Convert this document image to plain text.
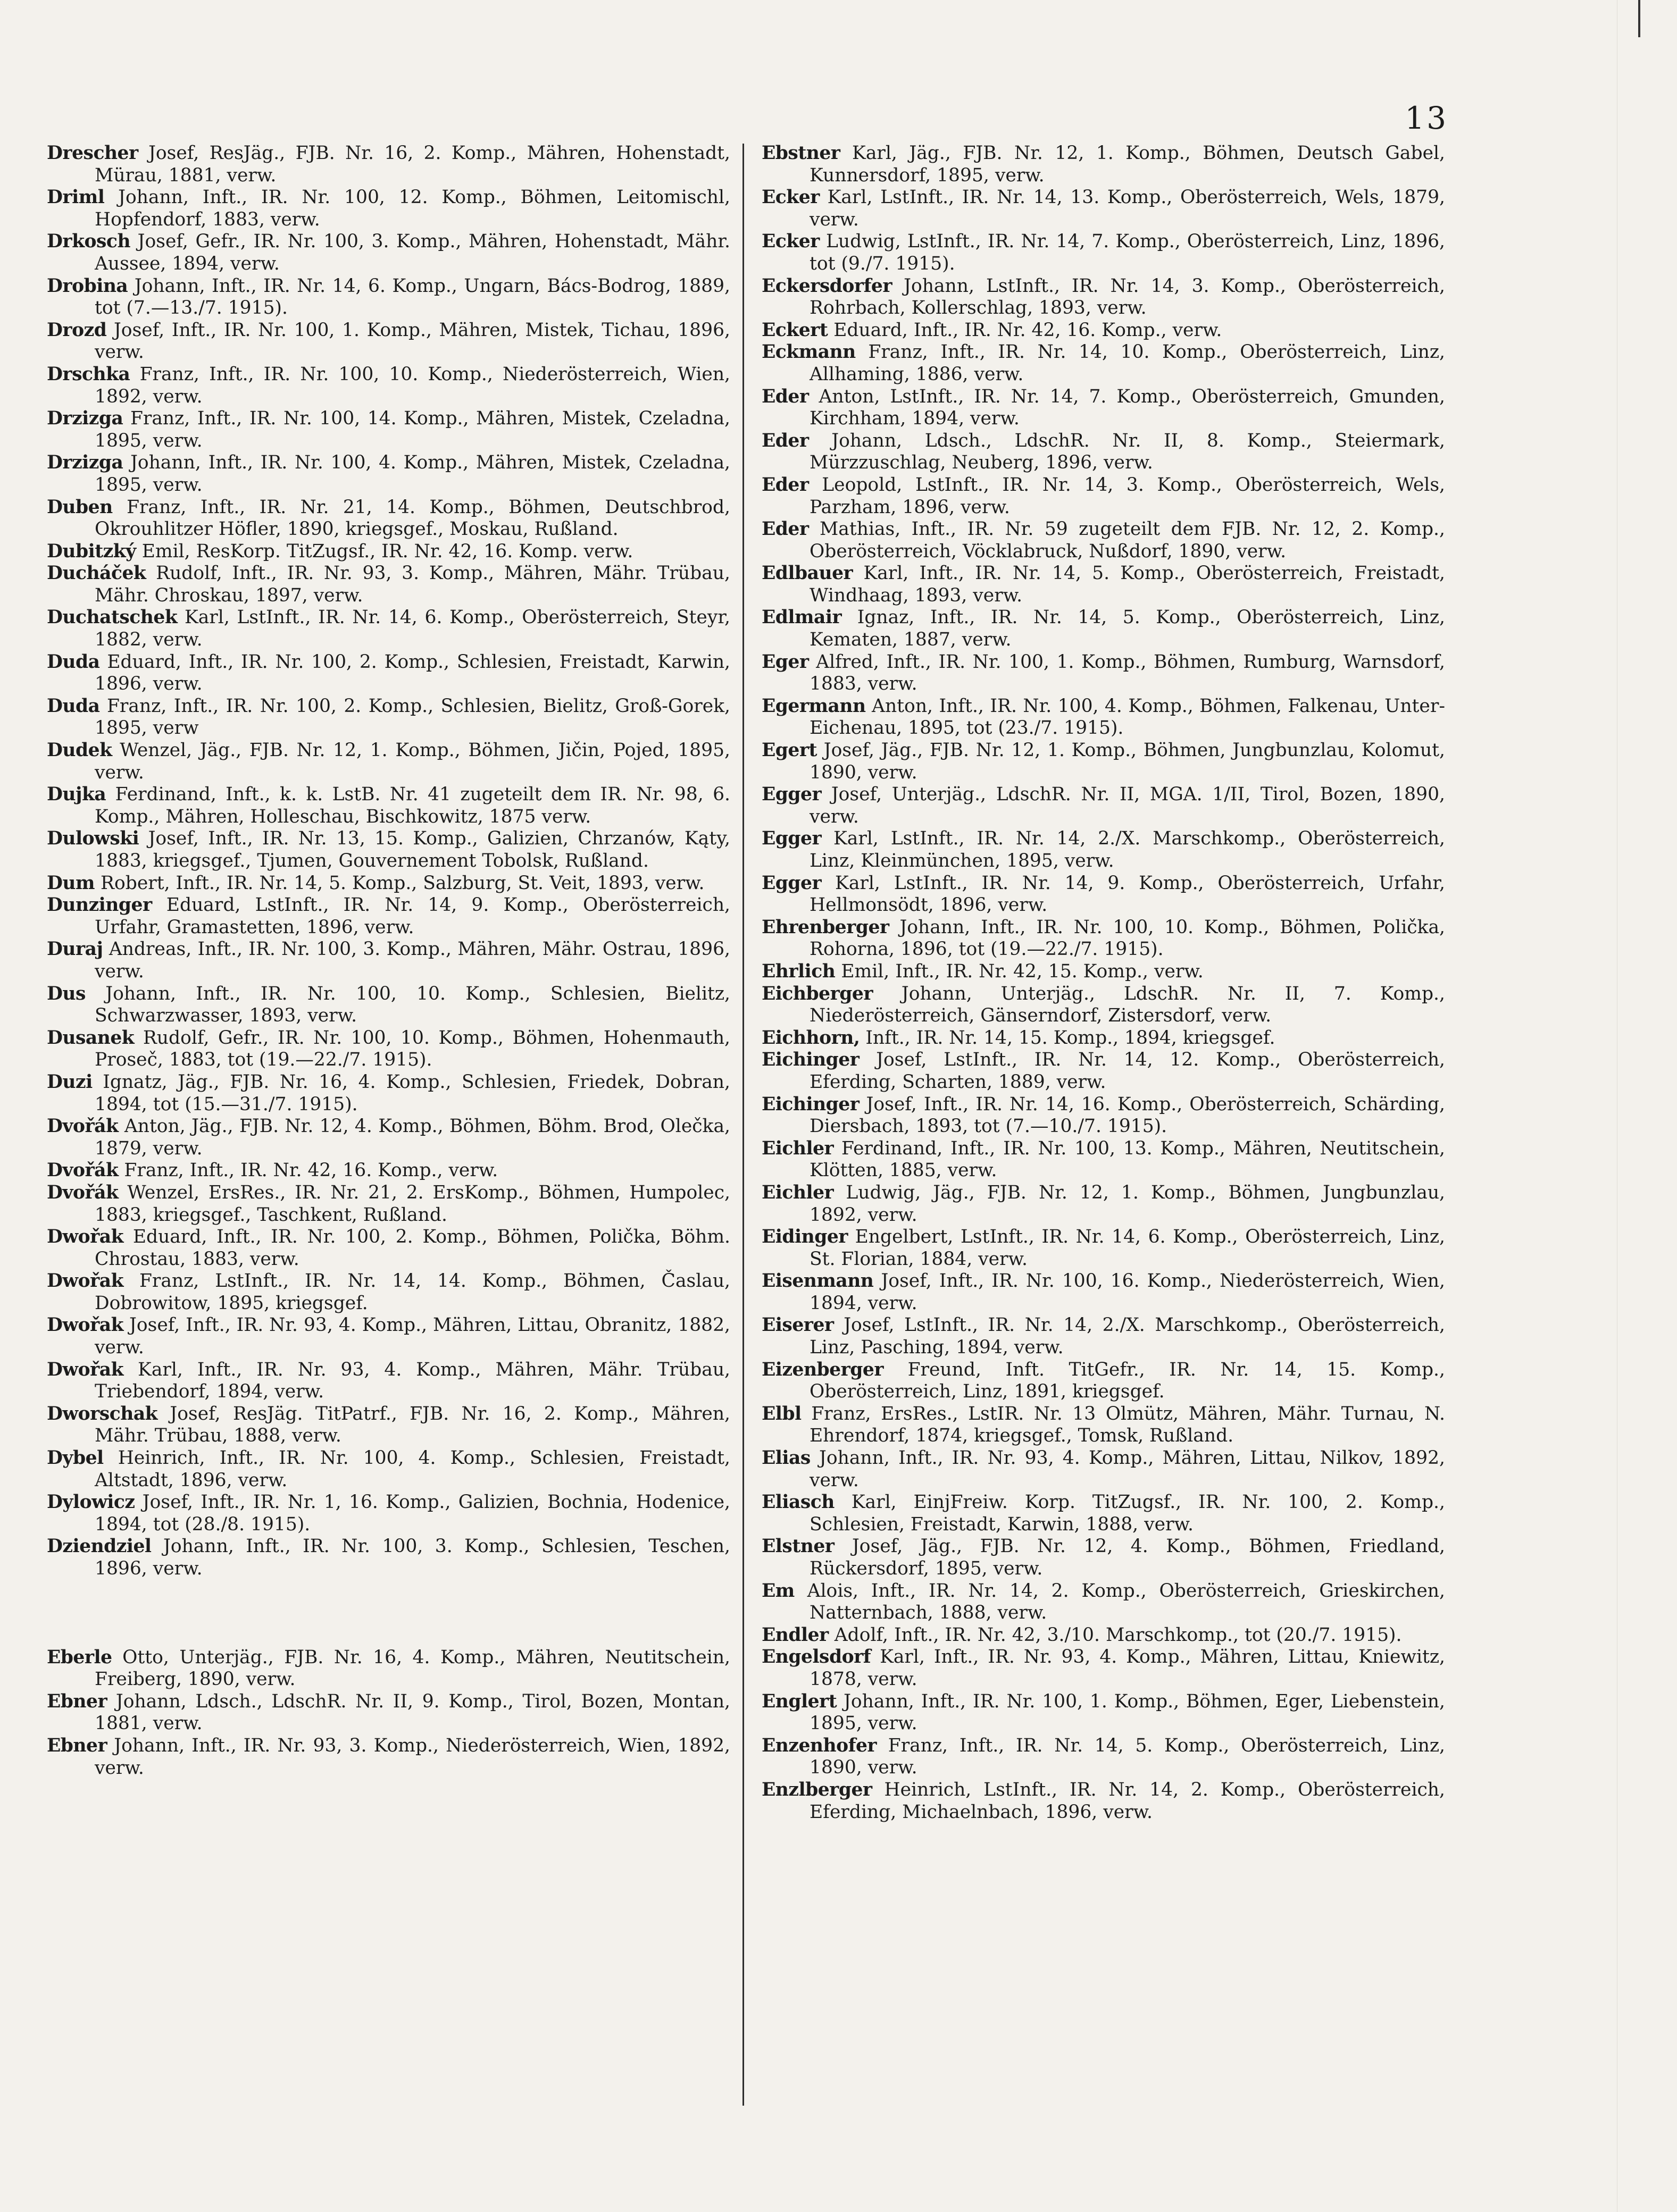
13

Drescher Josef, ResJäg., FJB. Nr. 16, 2. Komp., Mähren, Hohenstadt, Mürau, 1881, verw.

Driml Johann, Inft., IR. Nr. 100, 12. Komp., Böhmen, Leitomischl, Hopfendorf, 1883, verw.

Drkosch Josef, Gefr., IR. Nr. 100, 3. Komp., Mähren, Hohenstadt, Mähr. Aussee, 1894, verw.

Drobina Johann, Inft., IR. Nr. 14, 6. Komp., Ungarn, Bács-Bodrog, 1889, tot (7.—13./7. 1915).

Drozd Josef, Inft., IR. Nr. 100, 1. Komp., Mähren, Mistek, Tichau, 1896, verw.

Drschka Franz, Inft., IR. Nr. 100, 10. Komp., Niederösterreich, Wien, 1892, verw.

Drzizga Franz, Inft., IR. Nr. 100, 14. Komp., Mähren, Mistek, Czeladna, 1895, verw.

Drzizga Johann, Inft., IR. Nr. 100, 4. Komp., Mähren, Mistek, Czeladna, 1895, verw.

Duben Franz, Inft., IR. Nr. 21, 14. Komp., Böhmen, Deutschbrod, Okrouhlitzer Höfler, 1890, kriegsgef., Moskau, Rußland.

Dubitzký Emil, ResKorp. TitZugsf., IR. Nr. 42, 16. Komp. verw.

Ducháček Rudolf, Inft., IR. Nr. 93, 3. Komp., Mähren, Mähr. Trübau, Mähr. Chroskau, 1897, verw.

Duchatschek Karl, LstInft., IR. Nr. 14, 6. Komp., Oberösterreich, Steyr, 1882, verw.

Duda Eduard, Inft., IR. Nr. 100, 2. Komp., Schlesien, Freistadt, Karwin, 1896, verw.

Duda Franz, Inft., IR. Nr. 100, 2. Komp., Schlesien, Bielitz, Groß-Gorek, 1895, verw

Dudek Wenzel, Jäg., FJB. Nr. 12, 1. Komp., Böhmen, Jičin, Pojed, 1895, verw.

Dujka Ferdinand, Inft., k. k. LstB. Nr. 41 zugeteilt dem IR. Nr. 98, 6. Komp., Mähren, Holleschau, Bischkowitz, 1875 verw.

Dulowski Josef, Inft., IR. Nr. 13, 15. Komp., Galizien, Chrzanów, Kąty, 1883, kriegsgef., Tjumen, Gouvernement Tobolsk, Rußland.

Dum Robert, Inft., IR. Nr. 14, 5. Komp., Salzburg, St. Veit, 1893, verw.

Dunzinger Eduard, LstInft., IR. Nr. 14, 9. Komp., Oberösterreich, Urfahr, Gramastetten, 1896, verw.

Duraj Andreas, Inft., IR. Nr. 100, 3. Komp., Mähren, Mähr. Ostrau, 1896, verw.

Dus Johann, Inft., IR. Nr. 100, 10. Komp., Schlesien, Bielitz, Schwarzwasser, 1893, verw.

Dusanek Rudolf, Gefr., IR. Nr. 100, 10. Komp., Böhmen, Hohenmauth, Proseč, 1883, tot (19.—22./7. 1915).

Duzi Ignatz, Jäg., FJB. Nr. 16, 4. Komp., Schlesien, Friedek, Dobran, 1894, tot (15.—31./7. 1915).

Dvořák Anton, Jäg., FJB. Nr. 12, 4. Komp., Böhmen, Böhm. Brod, Olečka, 1879, verw.

Dvořák Franz, Inft., IR. Nr. 42, 16. Komp., verw.

Dvořák Wenzel, ErsRes., IR. Nr. 21, 2. ErsKomp., Böhmen, Humpolec, 1883, kriegsgef., Taschkent, Rußland.

Dwořak Eduard, Inft., IR. Nr. 100, 2. Komp., Böhmen, Polička, Böhm. Chrostau, 1883, verw.

Dwořak Franz, LstInft., IR. Nr. 14, 14. Komp., Böhmen, Časlau, Dobrowitow, 1895, kriegsgef.

Dwořak Josef, Inft., IR. Nr. 93, 4. Komp., Mähren, Littau, Obranitz, 1882, verw.

Dwořak Karl, Inft., IR. Nr. 93, 4. Komp., Mähren, Mähr. Trübau, Triebendorf, 1894, verw.

Dworschak Josef, ResJäg. TitPatrf., FJB. Nr. 16, 2. Komp., Mähren, Mähr. Trübau, 1888, verw.

Dybel Heinrich, Inft., IR. Nr. 100, 4. Komp., Schlesien, Freistadt, Altstadt, 1896, verw.

Dylowicz Josef, Inft., IR. Nr. 1, 16. Komp., Galizien, Bochnia, Hodenice, 1894, tot (28./8. 1915).

Dziendziel Johann, Inft., IR. Nr. 100, 3. Komp., Schlesien, Teschen, 1896, verw.

Eberle Otto, Unterjäg., FJB. Nr. 16, 4. Komp., Mähren, Neutitschein, Freiberg, 1890, verw.

Ebner Johann, Ldsch., LdschR. Nr. II, 9. Komp., Tirol, Bozen, Montan, 1881, verw.

Ebner Johann, Inft., IR. Nr. 93, 3. Komp., Niederösterreich, Wien, 1892, verw.

Ebstner Karl, Jäg., FJB. Nr. 12, 1. Komp., Böhmen, Deutsch Gabel, Kunnersdorf, 1895, verw.

Ecker Karl, LstInft., IR. Nr. 14, 13. Komp., Oberösterreich, Wels, 1879, verw.

Ecker Ludwig, LstInft., IR. Nr. 14, 7. Komp., Oberösterreich, Linz, 1896, tot (9./7. 1915).

Eckersdorfer Johann, LstInft., IR. Nr. 14, 3. Komp., Oberösterreich, Rohrbach, Kollerschlag, 1893, verw.

Eckert Eduard, Inft., IR. Nr. 42, 16. Komp., verw.

Eckmann Franz, Inft., IR. Nr. 14, 10. Komp., Oberösterreich, Linz, Allhaming, 1886, verw.

Eder Anton, LstInft., IR. Nr. 14, 7. Komp., Oberösterreich, Gmunden, Kirchham, 1894, verw.

Eder Johann, Ldsch., LdschR. Nr. II, 8. Komp., Steiermark, Mürzzuschlag, Neuberg, 1896, verw.

Eder Leopold, LstInft., IR. Nr. 14, 3. Komp., Oberösterreich, Wels, Parzham, 1896, verw.

Eder Mathias, Inft., IR. Nr. 59 zugeteilt dem FJB. Nr. 12, 2. Komp., Oberösterreich, Vöcklabruck, Nußdorf, 1890, verw.

Edlbauer Karl, Inft., IR. Nr. 14, 5. Komp., Oberösterreich, Freistadt, Windhaag, 1893, verw.

Edlmair Ignaz, Inft., IR. Nr. 14, 5. Komp., Oberösterreich, Linz, Kematen, 1887, verw.

Eger Alfred, Inft., IR. Nr. 100, 1. Komp., Böhmen, Rumburg, Warnsdorf, 1883, verw.

Egermann Anton, Inft., IR. Nr. 100, 4. Komp., Böhmen, Falkenau, Unter-Eichenau, 1895, tot (23./7. 1915).

Egert Josef, Jäg., FJB. Nr. 12, 1. Komp., Böhmen, Jungbunzlau, Kolomut, 1890, verw.

Egger Josef, Unterjäg., LdschR. Nr. II, MGA. 1/II, Tirol, Bozen, 1890, verw.

Egger Karl, LstInft., IR. Nr. 14, 2./X. Marschkomp., Oberösterreich, Linz, Kleinmünchen, 1895, verw.

Egger Karl, LstInft., IR. Nr. 14, 9. Komp., Oberösterreich, Urfahr, Hellmonsödt, 1896, verw.

Ehrenberger Johann, Inft., IR. Nr. 100, 10. Komp., Böhmen, Polička, Rohorna, 1896, tot (19.—22./7. 1915).

Ehrlich Emil, Inft., IR. Nr. 42, 15. Komp., verw.

Eichberger Johann, Unterjäg., LdschR. Nr. II, 7. Komp., Niederösterreich, Gänserndorf, Zistersdorf, verw.

Eichhorn, Inft., IR. Nr. 14, 15. Komp., 1894, kriegsgef.

Eichinger Josef, LstInft., IR. Nr. 14, 12. Komp., Oberösterreich, Eferding, Scharten, 1889, verw.

Eichinger Josef, Inft., IR. Nr. 14, 16. Komp., Oberösterreich, Schärding, Diersbach, 1893, tot (7.—10./7. 1915).

Eichler Ferdinand, Inft., IR. Nr. 100, 13. Komp., Mähren, Neutitschein, Klötten, 1885, verw.

Eichler Ludwig, Jäg., FJB. Nr. 12, 1. Komp., Böhmen, Jungbunzlau, 1892, verw.

Eidinger Engelbert, LstInft., IR. Nr. 14, 6. Komp., Oberösterreich, Linz, St. Florian, 1884, verw.

Eisenmann Josef, Inft., IR. Nr. 100, 16. Komp., Niederösterreich, Wien, 1894, verw.

Eiserer Josef, LstInft., IR. Nr. 14, 2./X. Marschkomp., Oberösterreich, Linz, Pasching, 1894, verw.

Eizenberger Freund, Inft. TitGefr., IR. Nr. 14, 15. Komp., Oberösterreich, Linz, 1891, kriegsgef.

Elbl Franz, ErsRes., LstIR. Nr. 13 Olmütz, Mähren, Mähr. Turnau, N. Ehrendorf, 1874, kriegsgef., Tomsk, Rußland.

Elias Johann, Inft., IR. Nr. 93, 4. Komp., Mähren, Littau, Nilkov, 1892, verw.

Eliasch Karl, EinjFreiw. Korp. TitZugsf., IR. Nr. 100, 2. Komp., Schlesien, Freistadt, Karwin, 1888, verw.

Elstner Josef, Jäg., FJB. Nr. 12, 4. Komp., Böhmen, Friedland, Rückersdorf, 1895, verw.

Em Alois, Inft., IR. Nr. 14, 2. Komp., Oberösterreich, Grieskirchen, Natternbach, 1888, verw.

Endler Adolf, Inft., IR. Nr. 42, 3./10. Marschkomp., tot (20./7. 1915).

Engelsdorf Karl, Inft., IR. Nr. 93, 4. Komp., Mähren, Littau, Kniewitz, 1878, verw.

Englert Johann, Inft., IR. Nr. 100, 1. Komp., Böhmen, Eger, Liebenstein, 1895, verw.

Enzenhofer Franz, Inft., IR. Nr. 14, 5. Komp., Oberösterreich, Linz, 1890, verw.

Enzlberger Heinrich, LstInft., IR. Nr. 14, 2. Komp., Oberösterreich, Eferding, Michaelnbach, 1896, verw.
